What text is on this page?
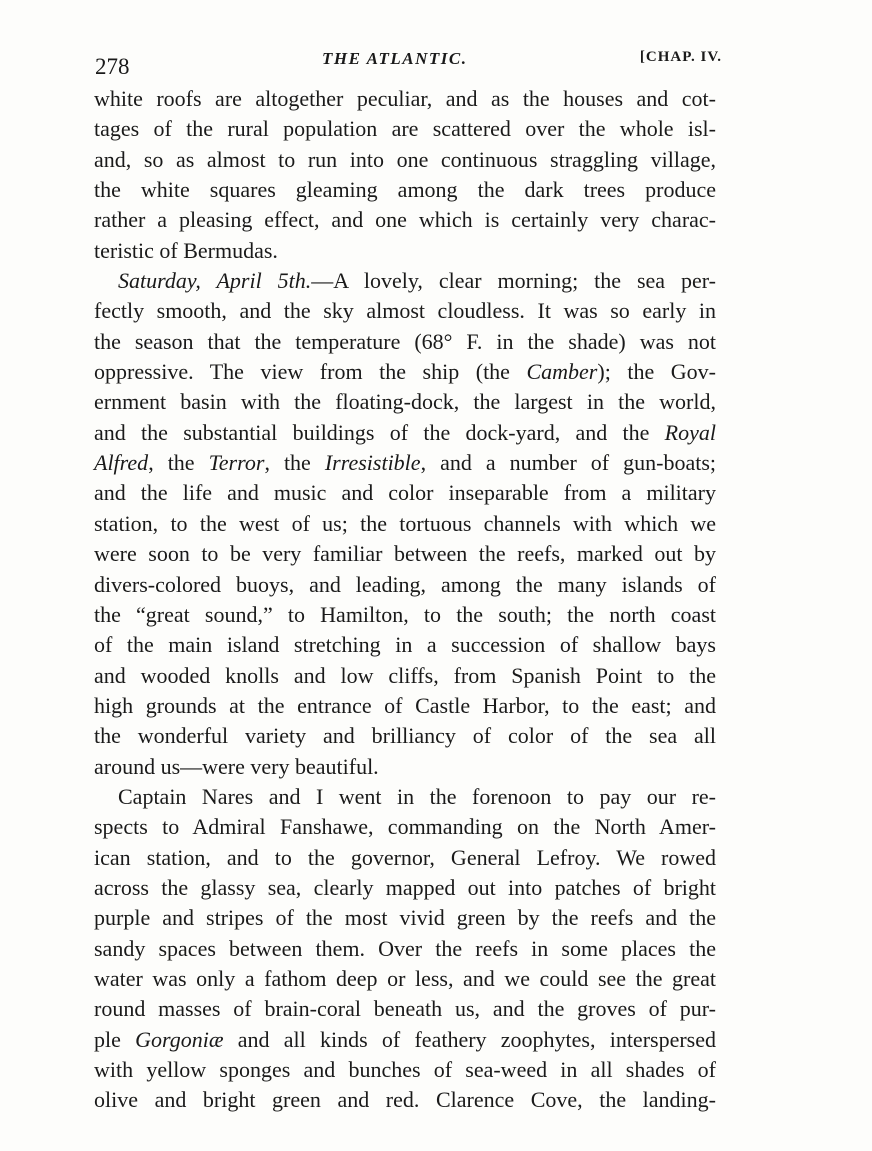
278	THE ATLANTIC.	[CHAP. IV.
white roofs are altogether peculiar, and as the houses and cot-
tages of the rural population are scattered over the whole isl-
and, so as almost to run into one continuous straggling village,
the white squares gleaming among the dark trees produce
rather a pleasing effect, and one which is certainly very charac-
teristic of Bermudas.
Saturday, April 5th.—A lovely, clear morning; the sea per-
fectly smooth, and the sky almost cloudless. It was so early in
the season that the temperature (68° F. in the shade) was not
oppressive. The view from the ship (the Camber); the Gov-
ernment basin with the floating-dock, the largest in the world,
and the substantial buildings of the dock-yard, and the Royal
Alfred, the Terror, the Irresistible, and a number of gun-boats;
and the life and music and color inseparable from a military
station, to the west of us; the tortuous channels with which we
were soon to be very familiar between the reefs, marked out by
divers-colored buoys, and leading, among the many islands of
the “great sound,” to Hamilton, to the south; the north coast
of the main island stretching in a succession of shallow bays
and wooded knolls and low cliffs, from Spanish Point to the
high grounds at the entrance of Castle Harbor, to the east; and
the wonderful variety and brilliancy of color of the sea all
around us—were very beautiful.
Captain Nares and I went in the forenoon to pay our re-
spects to Admiral Fanshawe, commanding on the North Amer-
ican station, and to the governor, General Lefroy. We rowed
across the glassy sea, clearly mapped out into patches of bright
purple and stripes of the most vivid green by the reefs and the
sandy spaces between them. Over the reefs in some places the
water was only a fathom deep or less, and we could see the great
round masses of brain-coral beneath us, and the groves of pur-
ple Gorgoniæ and all kinds of feathery zoophytes, interspersed
with yellow sponges and bunches of sea-weed in all shades of
olive and bright green and red. Clarence Cove, the landing-
